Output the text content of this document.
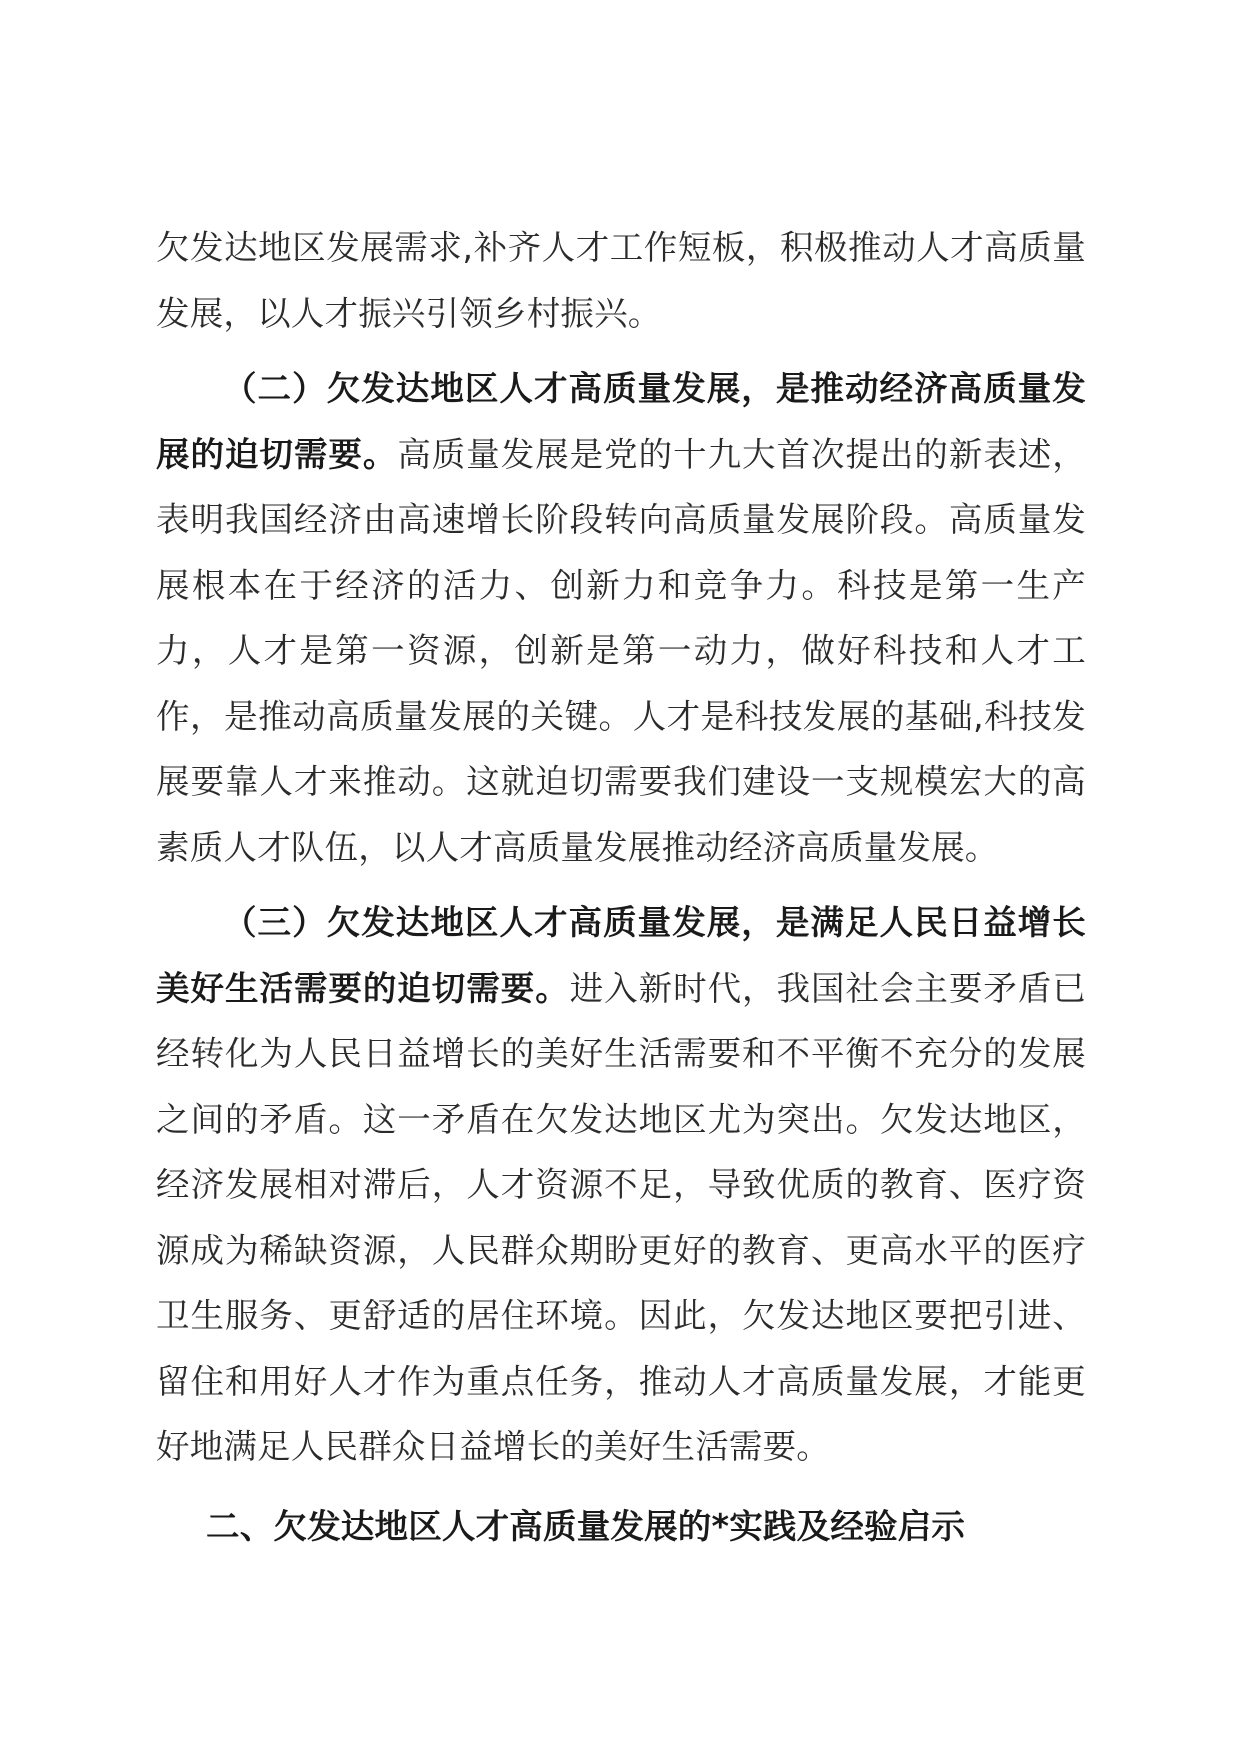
欠发达地区发展需求,补齐人才工作短板，积极推动人才高质量发展，以人才振兴引领乡村振兴。

（二）欠发达地区人才高质量发展，是推动经济高质量发展的迫切需要。高质量发展是党的十九大首次提出的新表述，表明我国经济由高速增长阶段转向高质量发展阶段。高质量发展根本在于经济的活力、创新力和竞争力。科技是第一生产力，人才是第一资源，创新是第一动力，做好科技和人才工作，是推动高质量发展的关键。人才是科技发展的基础,科技发展要靠人才来推动。这就迫切需要我们建设一支规模宏大的高素质人才队伍，以人才高质量发展推动经济高质量发展。

（三）欠发达地区人才高质量发展，是满足人民日益增长美好生活需要的迫切需要。进入新时代，我国社会主要矛盾已经转化为人民日益增长的美好生活需要和不平衡不充分的发展之间的矛盾。这一矛盾在欠发达地区尤为突出。欠发达地区，经济发展相对滞后，人才资源不足，导致优质的教育、医疗资源成为稀缺资源，人民群众期盼更好的教育、更高水平的医疗卫生服务、更舒适的居住环境。因此，欠发达地区要把引进、留住和用好人才作为重点任务，推动人才高质量发展，才能更好地满足人民群众日益增长的美好生活需要。

二、欠发达地区人才高质量发展的*实践及经验启示
